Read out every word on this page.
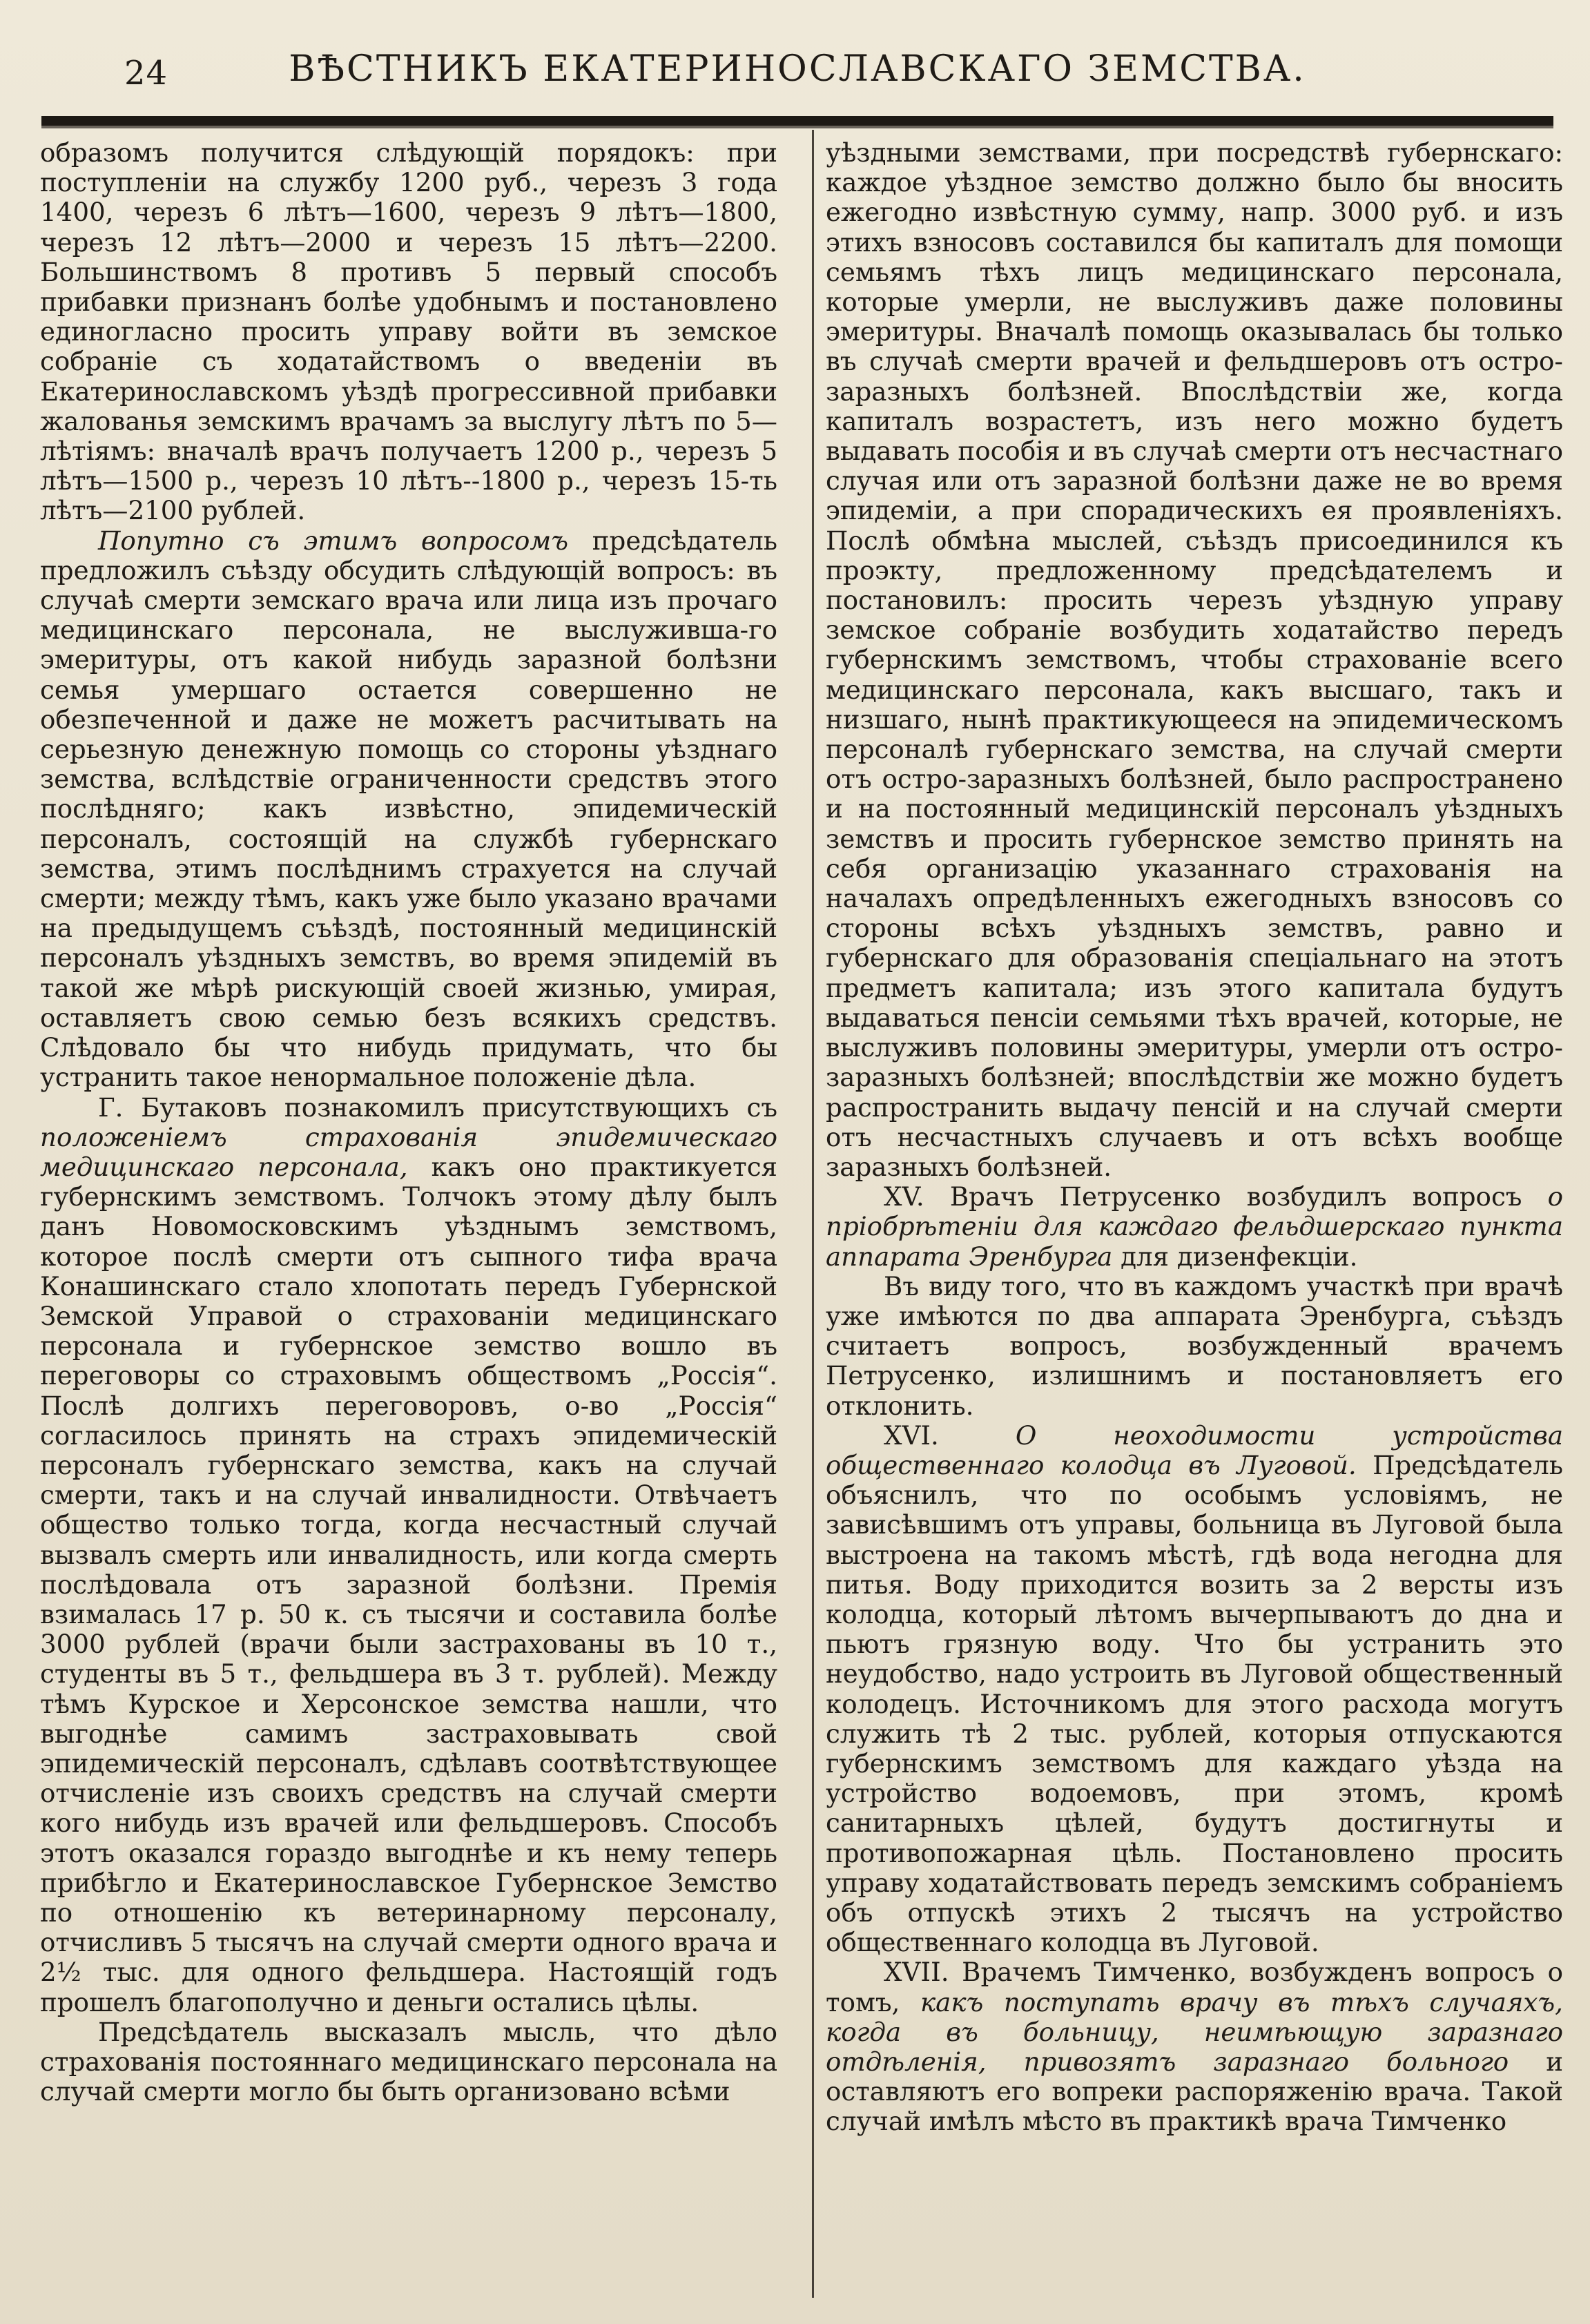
24	ВѢСТНИКЪ ЕКАТЕРИНОСЛАВСКАГО ЗЕМСТВА.

образомъ получится слѣдующій порядокъ: при поступленіи на службу 1200 руб., черезъ 3 года 1400, черезъ 6 лѣтъ—1600, черезъ 9 лѣтъ—1800, черезъ 12 лѣтъ—2000 и черезъ 15 лѣтъ—2200. Большинствомъ 8 противъ 5 первый способъ прибавки признанъ болѣе удобнымъ и постановлено единогласно просить управу войти въ земское собраніе съ ходатайствомъ о введеніи въ Екатеринославскомъ уѣздѣ прогрессивной прибавки жалованья земскимъ врачамъ за выслугу лѣтъ по 5—лѣтіямъ: вначалѣ врачъ получаетъ 1200 р., черезъ 5 лѣтъ—1500 р., черезъ 10 лѣтъ--1800 р., черезъ 15-ть лѣтъ—2100 рублей.

Попутно съ этимъ вопросомъ предсѣдатель предложилъ съѣзду обсудить слѣдующій вопросъ: въ случаѣ смерти земскаго врача или лица изъ прочаго медицинскаго персонала, не выслуживша-го эмеритуры, отъ какой нибудь заразной болѣзни семья умершаго остается совершенно не обезпеченной и даже не можетъ расчитывать на серьезную денежную помощь со стороны уѣзднаго земства, вслѣдствіе ограниченности средствъ этого послѣдняго; какъ извѣстно, эпидемическій персоналъ, состоящій на службѣ губернскаго земства, этимъ послѣднимъ страхуется на случай смерти; между тѣмъ, какъ уже было указано врачами на предыдущемъ съѣздѣ, постоянный медицинскій персоналъ уѣздныхъ земствъ, во время эпидемій въ такой же мѣрѣ рискующій своей жизнью, умирая, оставляетъ свою семью безъ всякихъ средствъ. Слѣдовало бы что нибудь придумать, что бы устранить такое ненормальное положеніе дѣла.

Г. Бутаковъ познакомилъ присутствующихъ съ положеніемъ страхованія эпидемическаго медицинскаго персонала, какъ оно практикуется губернскимъ земствомъ. Толчокъ этому дѣлу былъ данъ Новомосковскимъ уѣзднымъ земствомъ, которое послѣ смерти отъ сыпного тифа врача Конашинскаго стало хлопотать передъ Губернской Земской Управой о страхованіи медицинскаго персонала и губернское земство вошло въ переговоры со страховымъ обществомъ „Россія“. Послѣ долгихъ переговоровъ, о-во „Россія“ согласилось принять на страхъ эпидемическій персоналъ губернскаго земства, какъ на случай смерти, такъ и на случай инвалидности. Отвѣчаетъ общество только тогда, когда несчастный случай вызвалъ смерть или инвалидность, или когда смерть послѣдовала отъ заразной болѣзни. Премія взималась 17 р. 50 к. съ тысячи и составила болѣе 3000 рублей (врачи были застрахованы въ 10 т., студенты въ 5 т., фельдшера въ 3 т. рублей). Между тѣмъ Курское и Херсонское земства нашли, что выгоднѣе самимъ застраховывать свой эпидемическій персоналъ, сдѣлавъ соотвѣтствующее отчисленіе изъ своихъ средствъ на случай смерти кого нибудь изъ врачей или фельдшеровъ. Способъ этотъ оказался гораздо выгоднѣе и къ нему теперь прибѣгло и Екатеринославское Губернское Земство по отношенію къ ветеринарному персоналу, отчисливъ 5 тысячъ на случай смерти одного врача и 2½ тыс. для одного фельдшера. Настоящій годъ прошелъ благополучно и деньги остались цѣлы.

Предсѣдатель высказалъ мысль, что дѣло страхованія постояннаго медицинскаго персонала на случай смерти могло бы быть организовано всѣми

уѣздными земствами, при посредствѣ губернскаго: каждое уѣздное земство должно было бы вносить ежегодно извѣстную сумму, напр. 3000 руб. и изъ этихъ взносовъ составился бы капиталъ для помощи семьямъ тѣхъ лицъ медицинскаго персонала, которые умерли, не выслуживъ даже половины эмеритуры. Вначалѣ помощь оказывалась бы только въ случаѣ смерти врачей и фельдшеровъ отъ остро-заразныхъ болѣзней. Впослѣдствіи же, когда капиталъ возрастетъ, изъ него можно будетъ выдавать пособія и въ случаѣ смерти отъ несчастнаго случая или отъ заразной болѣзни даже не во время эпидеміи, а при спорадическихъ ея проявленіяхъ. Послѣ обмѣна мыслей, съѣздъ присоединился къ проэкту, предложенному предсѣдателемъ и постановилъ: просить черезъ уѣздную управу земское собраніе возбудить ходатайство передъ губернскимъ земствомъ, чтобы страхованіе всего медицинскаго персонала, какъ высшаго, такъ и низшаго, нынѣ практикующееся на эпидемическомъ персоналѣ губернскаго земства, на случай смерти отъ остро-заразныхъ болѣзней, было распространено и на постоянный медицинскій персоналъ уѣздныхъ земствъ и просить губернское земство принять на себя организацію указаннаго страхованія на началахъ опредѣленныхъ ежегодныхъ взносовъ со стороны всѣхъ уѣздныхъ земствъ, равно и губернскаго для образованія спеціальнаго на этотъ предметъ капитала; изъ этого капитала будутъ выдаваться пенсіи семьями тѣхъ врачей, которые, не выслуживъ половины эмеритуры, умерли отъ остро-заразныхъ болѣзней; впослѣдствіи же можно будетъ распространить выдачу пенсій и на случай смерти отъ несчастныхъ случаевъ и отъ всѣхъ вообще заразныхъ болѣзней.

XV. Врачъ Петрусенко возбудилъ вопросъ о пріобрѣтеніи для каждаго фельдшерскаго пункта аппарата Эренбурга для дизенфекціи.

Въ виду того, что въ каждомъ участкѣ при врачѣ уже имѣются по два аппарата Эренбурга, съѣздъ считаетъ вопросъ, возбужденный врачемъ Петрусенко, излишнимъ и постановляетъ его отклонить.

XVI. О неоходимости устройства общественнаго колодца въ Луговой. Предсѣдатель объяснилъ, что по особымъ условіямъ, не зависѣвшимъ отъ управы, больница въ Луговой была выстроена на такомъ мѣстѣ, гдѣ вода негодна для питья. Воду приходится возить за 2 версты изъ колодца, который лѣтомъ вычерпываютъ до дна и пьютъ грязную воду. Что бы устранить это неудобство, надо устроить въ Луговой общественный колодецъ. Источникомъ для этого расхода могутъ служить тѣ 2 тыс. рублей, которыя отпускаются губернскимъ земствомъ для каждаго уѣзда на устройство водоемовъ, при этомъ, кромѣ санитарныхъ цѣлей, будутъ достигнуты и противопожарная цѣль. Постановлено просить управу ходатайствовать передъ земскимъ собраніемъ объ отпускѣ этихъ 2 тысячъ на устройство общественнаго колодца въ Луговой.

XVII. Врачемъ Тимченко, возбужденъ вопросъ о томъ, какъ поступать врачу въ тѣхъ случаяхъ, когда въ больницу, неимѣющую заразнаго отдѣленія, привозятъ заразнаго больного и оставляютъ его вопреки распоряженію врача. Такой случай имѣлъ мѣсто въ практикѣ врача Тимченко
